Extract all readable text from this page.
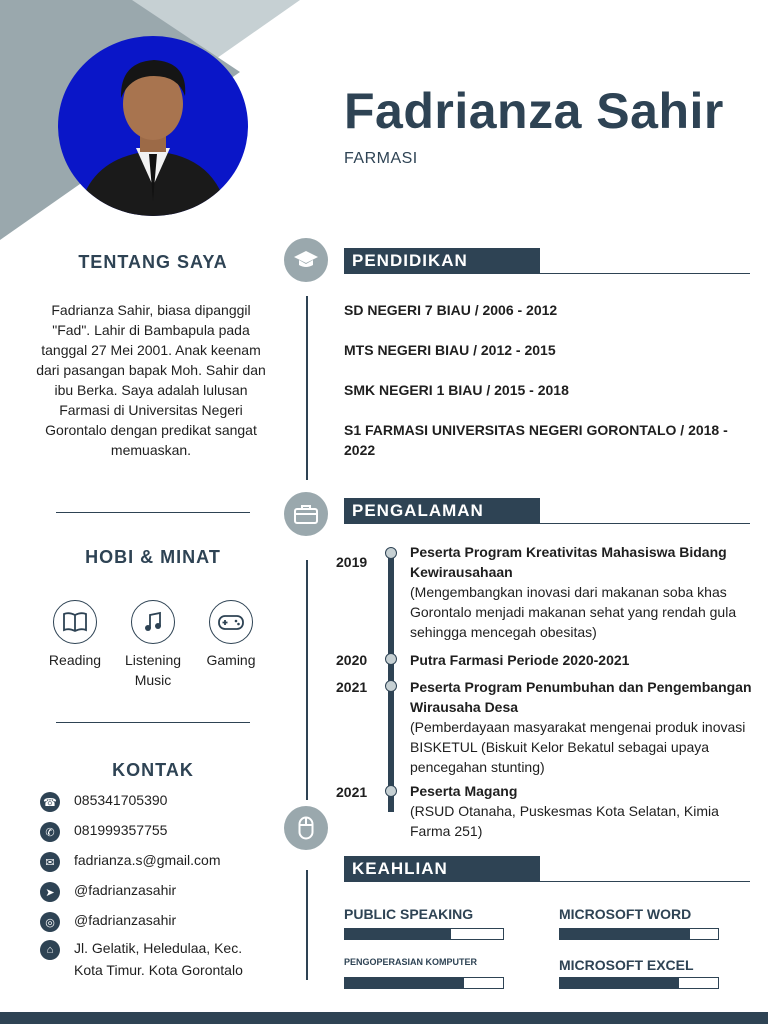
Fadrianza Sahir
FARMASI
TENTANG SAYA
Fadrianza Sahir, biasa dipanggil "Fad". Lahir di Bambapula pada tanggal 27 Mei 2001. Anak keenam dari pasangan bapak Moh. Sahir dan ibu Berka. Saya adalah lulusan Farmasi di Universitas Negeri Gorontalo dengan predikat sangat memuaskan.
HOBI & MINAT
Reading	Listening Music
Gaming
KONTAK
☎ 085341705390
✆	081999357755
✉	fadrianza.s@gmail.com
➤	@fadrianzasahir
◎	@fadrianzasahir
⌂	Jl. Gelatik, Heledulaa, Kec. Kota Timur. Kota Gorontalo
PENDIDIKAN
SD NEGERI 7 BIAU / 2006 - 2012
MTS NEGERI BIAU / 2012 - 2015
SMK NEGERI 1 BIAU / 2015 - 2018
S1 FARMASI UNIVERSITAS NEGERI GORONTALO / 2018 - 2022
PENGALAMAN
2019
Peserta Program Kreativitas Mahasiswa Bidang Kewirausahaan
(Mengembangkan inovasi dari makanan soba khas Gorontalo menjadi makanan sehat yang rendah gula sehingga mencegah obesitas)
2020	Putra Farmasi Periode 2020-2021
2021	Peserta Program Penumbuhan dan Pengembangan Wirausaha Desa
(Pemberdayaan masyarakat mengenai produk inovasi BISKETUL (Biskuit Kelor Bekatul sebagai upaya pencegahan stunting)
2021	Peserta Magang
(RSUD Otanaha, Puskesmas Kota Selatan, Kimia Farma 251)
KEAHLIAN
PUBLIC SPEAKING	MICROSOFT WORD
PENGOPERASIAN KOMPUTER	MICROSOFT EXCEL
